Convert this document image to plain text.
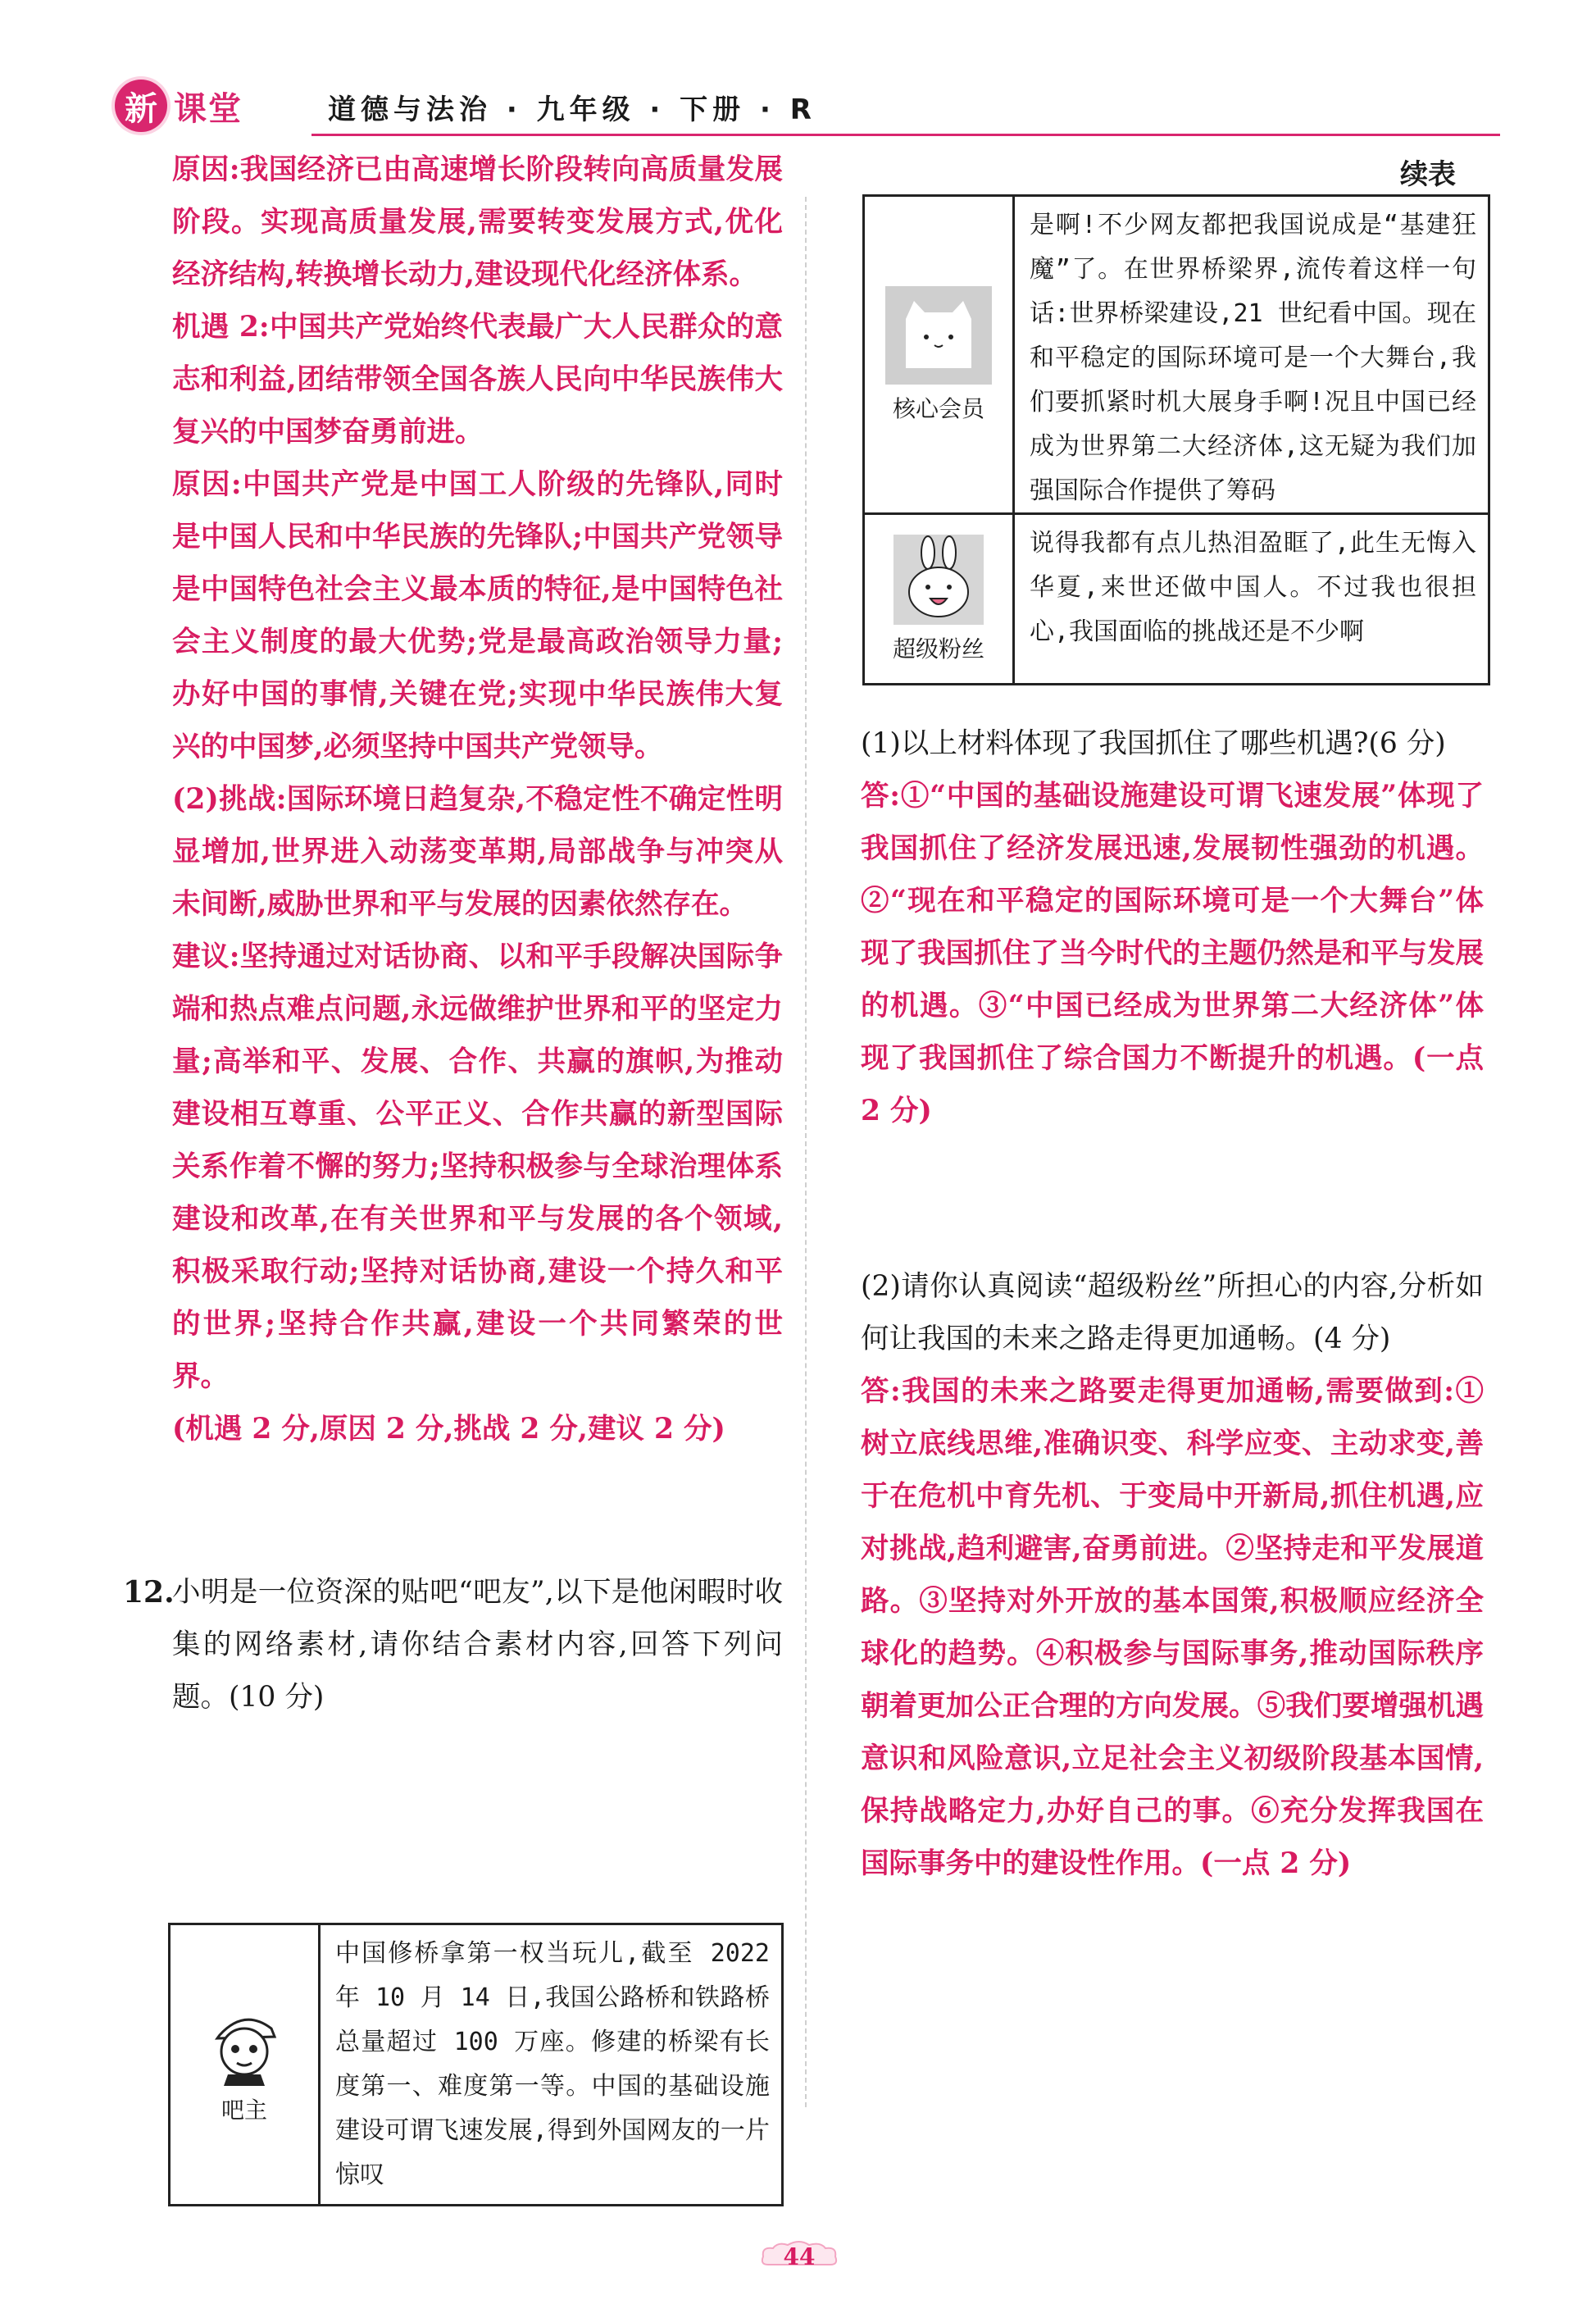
新 课堂	道德与法治 · 九年级 · 下册 · R

原因:我国经济已由高速增长阶段转向高质量发展阶段。实现高质量发展,需要转变发展方式,优化经济结构,转换增长动力,建设现代化经济体系。

机遇 2:中国共产党始终代表最广大人民群众的意志和利益,团结带领全国各族人民向中华民族伟大复兴的中国梦奋勇前进。

原因:中国共产党是中国工人阶级的先锋队,同时是中国人民和中华民族的先锋队;中国共产党领导是中国特色社会主义最本质的特征,是中国特色社会主义制度的最大优势;党是最高政治领导力量;办好中国的事情,关键在党;实现中华民族伟大复兴的中国梦,必须坚持中国共产党领导。

(2)挑战:国际环境日趋复杂,不稳定性不确定性明显增加,世界进入动荡变革期,局部战争与冲突从未间断,威胁世界和平与发展的因素依然存在。

建议:坚持通过对话协商、以和平手段解决国际争端和热点难点问题,永远做维护世界和平的坚定力量;高举和平、发展、合作、共赢的旗帜,为推动建设相互尊重、公平正义、合作共赢的新型国际关系作着不懈的努力;坚持积极参与全球治理体系建设和改革,在有关世界和平与发展的各个领域,积极采取行动;坚持对话协商,建设一个持久和平的世界;坚持合作共赢,建设一个共同繁荣的世界。

(机遇 2 分,原因 2 分,挑战 2 分,建议 2 分)

12.

小明是一位资深的贴吧“吧友”,以下是他闲暇时收集的网络素材,请你结合素材内容,回答下列问题。(10 分)

吧主
中国修桥拿第一权当玩儿,截至 2022 年 10 月 14 日,我国公路桥和铁路桥总量超过 100 万座。修建的桥梁有长度第一、难度第一等。中国的基础设施建设可谓飞速发展,得到外国网友的一片惊叹
续表
核心会员
是啊!不少网友都把我国说成是“基建狂魔”了。在世界桥梁界,流传着这样一句话:世界桥梁建设,21 世纪看中国。现在和平稳定的国际环境可是一个大舞台,我们要抓紧时机大展身手啊!况且中国已经成为世界第二大经济体,这无疑为我们加强国际合作提供了筹码
超级粉丝
说得我都有点儿热泪盈眶了,此生无悔入华夏,来世还做中国人。不过我也很担心,我国面临的挑战还是不少啊

(1)以上材料体现了我国抓住了哪些机遇?(6 分)

答:①“中国的基础设施建设可谓飞速发展”体现了我国抓住了经济发展迅速,发展韧性强劲的机遇。②“现在和平稳定的国际环境可是一个大舞台”体现了我国抓住了当今时代的主题仍然是和平与发展的机遇。③“中国已经成为世界第二大经济体”体现了我国抓住了综合国力不断提升的机遇。(一点 2 分)

(2)请你认真阅读“超级粉丝”所担心的内容,分析如何让我国的未来之路走得更加通畅。(4 分)

答:我国的未来之路要走得更加通畅,需要做到:①树立底线思维,准确识变、科学应变、主动求变,善于在危机中育先机、于变局中开新局,抓住机遇,应对挑战,趋利避害,奋勇前进。②坚持走和平发展道路。③坚持对外开放的基本国策,积极顺应经济全球化的趋势。④积极参与国际事务,推动国际秩序朝着更加公正合理的方向发展。⑤我们要增强机遇意识和风险意识,立足社会主义初级阶段基本国情,保持战略定力,办好自己的事。⑥充分发挥我国在国际事务中的建设性作用。(一点 2 分)

44
